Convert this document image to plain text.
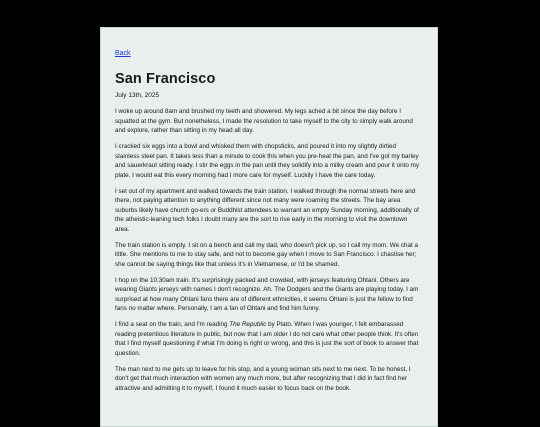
Back
San Francisco
July 13th, 2025

I woke up around 8am and brushed my teeth and showered. My legs ached a bit since the day before I squatted at the gym. But nonetheless, I made the resolution to take myself to the city to simply walk around and explore, rather than sitting in my head all day.

I cracked six eggs into a bowl and whisked them with chopsticks, and poured it into my slightly dirtied stainless steel pan. It takes less than a minute to cook this when you pre-heat the pan, and I've got my barley and sauerkraut sitting ready. I stir the eggs in the pan until they solidify into a milky cream and pour it onto my plate. I would eat this every morning had I more care for myself. Luckily I have the care today.

I set out of my apartment and walked towards the train station. I walked through the normal streets here and there, not paying attention to anything different since not many were roaming the streets. The bay area suburbs likely have church go-ers or Buddhist attendees to warrant an empty Sunday morning, additionally of the atheistic-leaning tech folks I doubt many are the sort to rise early in the morning to visit the downtown area.

The train station is empty. I sit on a bench and call my dad, who doesn't pick up, so I call my mom. We chat a little. She mentions to me to stay safe, and not to become gay when I move to San Francisco. I chastise her; she cannot be saying things like that unless it's in Vietnamese, or I'd be shamed.

I hop on the 10:30am train. It's surprisingly packed and crowded, with jerseys featuring Ohtani. Others are wearing Giants jerseys with names I don't recognize. Ah. The Dodgers and the Giants are playing today. I am surprised at how many Ohtani fans there are of different ethnicities, it seems Ohtani is just the fellow to find fans no matter where. Personally, I am a fan of Ohtani and find him funny.

I find a seat on the train, and I'm reading The Republic by Plato. When I was younger, I felt embarassed reading pretentious literature in public, but now that I am older I do not care what other people think. It's often that I find myself questioning if what I'm doing is right or wrong, and this is just the sort of book to answer that question.

The man next to me gets up to leave for his stop, and a young woman sits next to me next. To be honest, I don't get that much interaction with women any much more, but after recognizing that I did in fact find her attractive and admitting it to myself, I found it much easier to focus back on the book.
